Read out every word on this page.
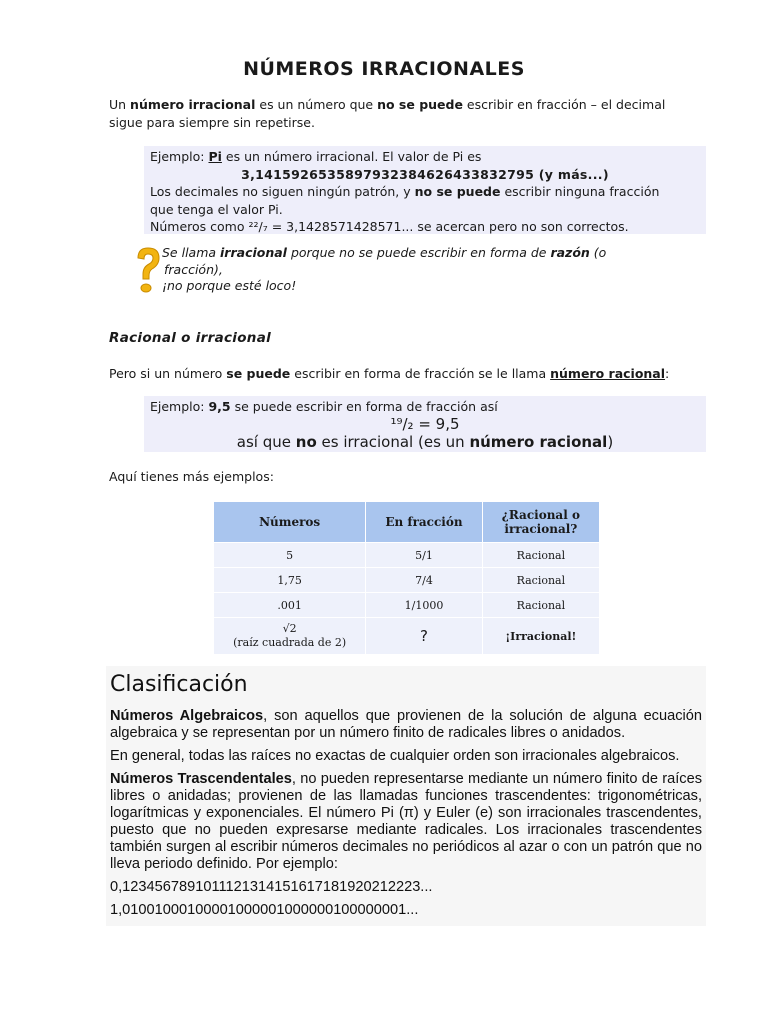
NÚMEROS IRRACIONALES
Un número irracional es un número que no se puede escribir en fracción – el decimal
sigue para siempre sin repetirse.
Ejemplo: Pi es un número irracional. El valor de Pi es
3,1415926535897932384626433832795 (y más...)
Los decimales no siguen ningún patrón, y no se puede escribir ninguna fracción
que tenga el valor Pi.
Números como ²²/₇ = 3,1428571428571... se acercan pero no son correctos.
Se llama irracional porque no se puede escribir en forma de razón (o
fracción),
¡no porque esté loco!
Racional o irracional
Pero si un número se puede escribir en forma de fracción se le llama número racional:
Ejemplo: 9,5 se puede escribir en forma de fracción así
¹⁹/₂ = 9,5
así que no es irracional (es un número racional)
Aquí tienes más ejemplos:
Números	En fracción	¿Racional o irracional?
5	5/1	Racional
1,75	7/4	Racional
.001	1/1000	Racional
√2
(raíz cuadrada de 2)	?	¡Irracional!
Clasificación

Números Algebraicos, son aquellos que provienen de la solución de alguna ecuación algebraica y se representan por un número finito de radicales libres o anidados.

En general, todas las raíces no exactas de cualquier orden son irracionales algebraicos.

Números Trascendentales, no pueden representarse mediante un número finito de raíces libres o anidadas; provienen de las llamadas funciones trascendentes: trigonométricas, logarítmicas y exponenciales. El número Pi (π) y Euler (e) son irracionales trascendentes, puesto que no pueden expresarse mediante radicales. Los irracionales trascendentes también surgen al escribir números decimales no periódicos al azar o con un patrón que no lleva periodo definido. Por ejemplo:

0,1234567891011121314151617181920212223...

1,01001000100001000001000000100000001...
